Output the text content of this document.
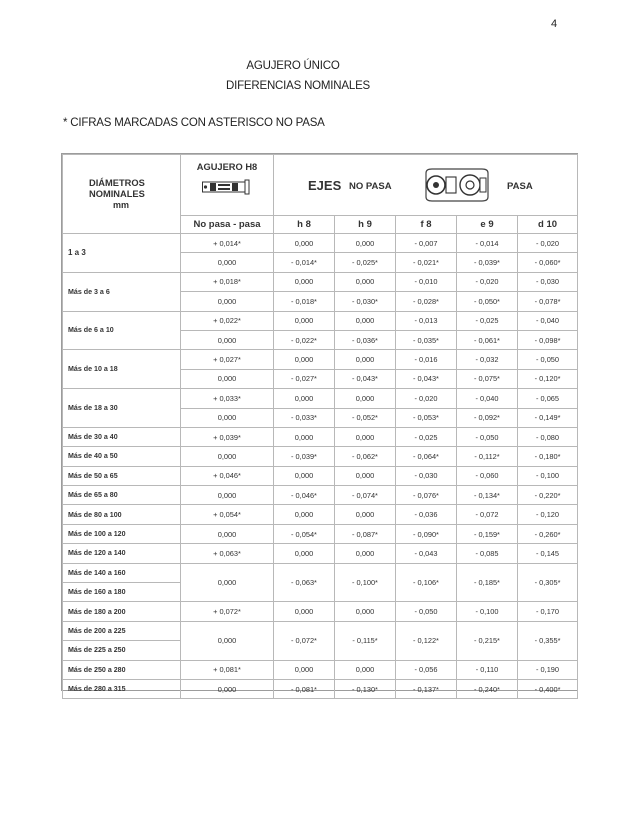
4
AGUJERO ÚNICO
DIFERENCIAS NOMINALES
* CIFRAS MARCADAS CON ASTERISCO NO PASA
DIÁMETROS
NOMINALES
mm	AGUJERO H8	EJES NO PASA PASA				

	No pasa - pasa	h 8	h 9	f 8	e 9	d 10
1 a 3	+ 0,014*	0,000	0,000	- 0,007	- 0,014	- 0,020
	0,000	- 0,014*	- 0,025*	- 0,021*	- 0,039*	- 0,060*
Más de 3 a 6	+ 0,018*	0,000	0,000	- 0,010	- 0,020	- 0,030
	0,000	- 0,018*	- 0,030*	- 0,028*	- 0,050*	- 0,078*
Más de 6 a 10	+ 0,022*	0,000	0,000	- 0,013	- 0,025	- 0,040
	0,000	- 0,022*	- 0,036*	- 0,035*	- 0,061*	- 0,098*
Más de 10 a 18	+ 0,027*	0,000	0,000	- 0,016	- 0,032	- 0,050
	0,000	- 0,027*	- 0,043*	- 0,043*	- 0,075*	- 0,120*
Más de 18 a 30	+ 0,033*	0,000	0,000	- 0,020	- 0,040	- 0,065
	0,000	- 0,033*	- 0,052*	- 0,053*	- 0,092*	- 0,149*
Más de 30 a 40	+ 0,039*	0,000	0,000	- 0,025	- 0,050	- 0,080
Más de 40 a 50	0,000	- 0,039*	- 0,062*	- 0,064*	- 0,112*	- 0,180*
Más de 50 a 65	+ 0,046*	0,000	0,000	- 0,030	- 0,060	- 0,100
Más de 65 a 80	0,000	- 0,046*	- 0,074*	- 0,076*	- 0,134*	- 0,220*
Más de 80 a 100	+ 0,054*	0,000	0,000	- 0,036	- 0,072	- 0,120
Más de 100 a 120	0,000	- 0,054*	- 0,087*	- 0,090*	- 0,159*	- 0,260*
Más de 120 a 140	+ 0,063*	0,000	0,000	- 0,043	- 0,085	- 0,145
Más de 140 a 160	0,000	- 0,063*	- 0,100*	- 0,106*	- 0,185*	- 0,305*
Más de 160 a 180						
Más de 180 a 200	+ 0,072*	0,000	0,000	- 0,050	- 0,100	- 0,170
Más de 200 a 225	0,000	- 0,072*	- 0,115*	- 0,122*	- 0,215*	- 0,355*
Más de 225 a 250						
Más de 250 a 280	+ 0,081*	0,000	0,000	- 0,056	- 0,110	- 0,190
Más de 280 a 315	0,000	- 0,081*	- 0,130*	- 0,137*	- 0,240*	- 0,400*
